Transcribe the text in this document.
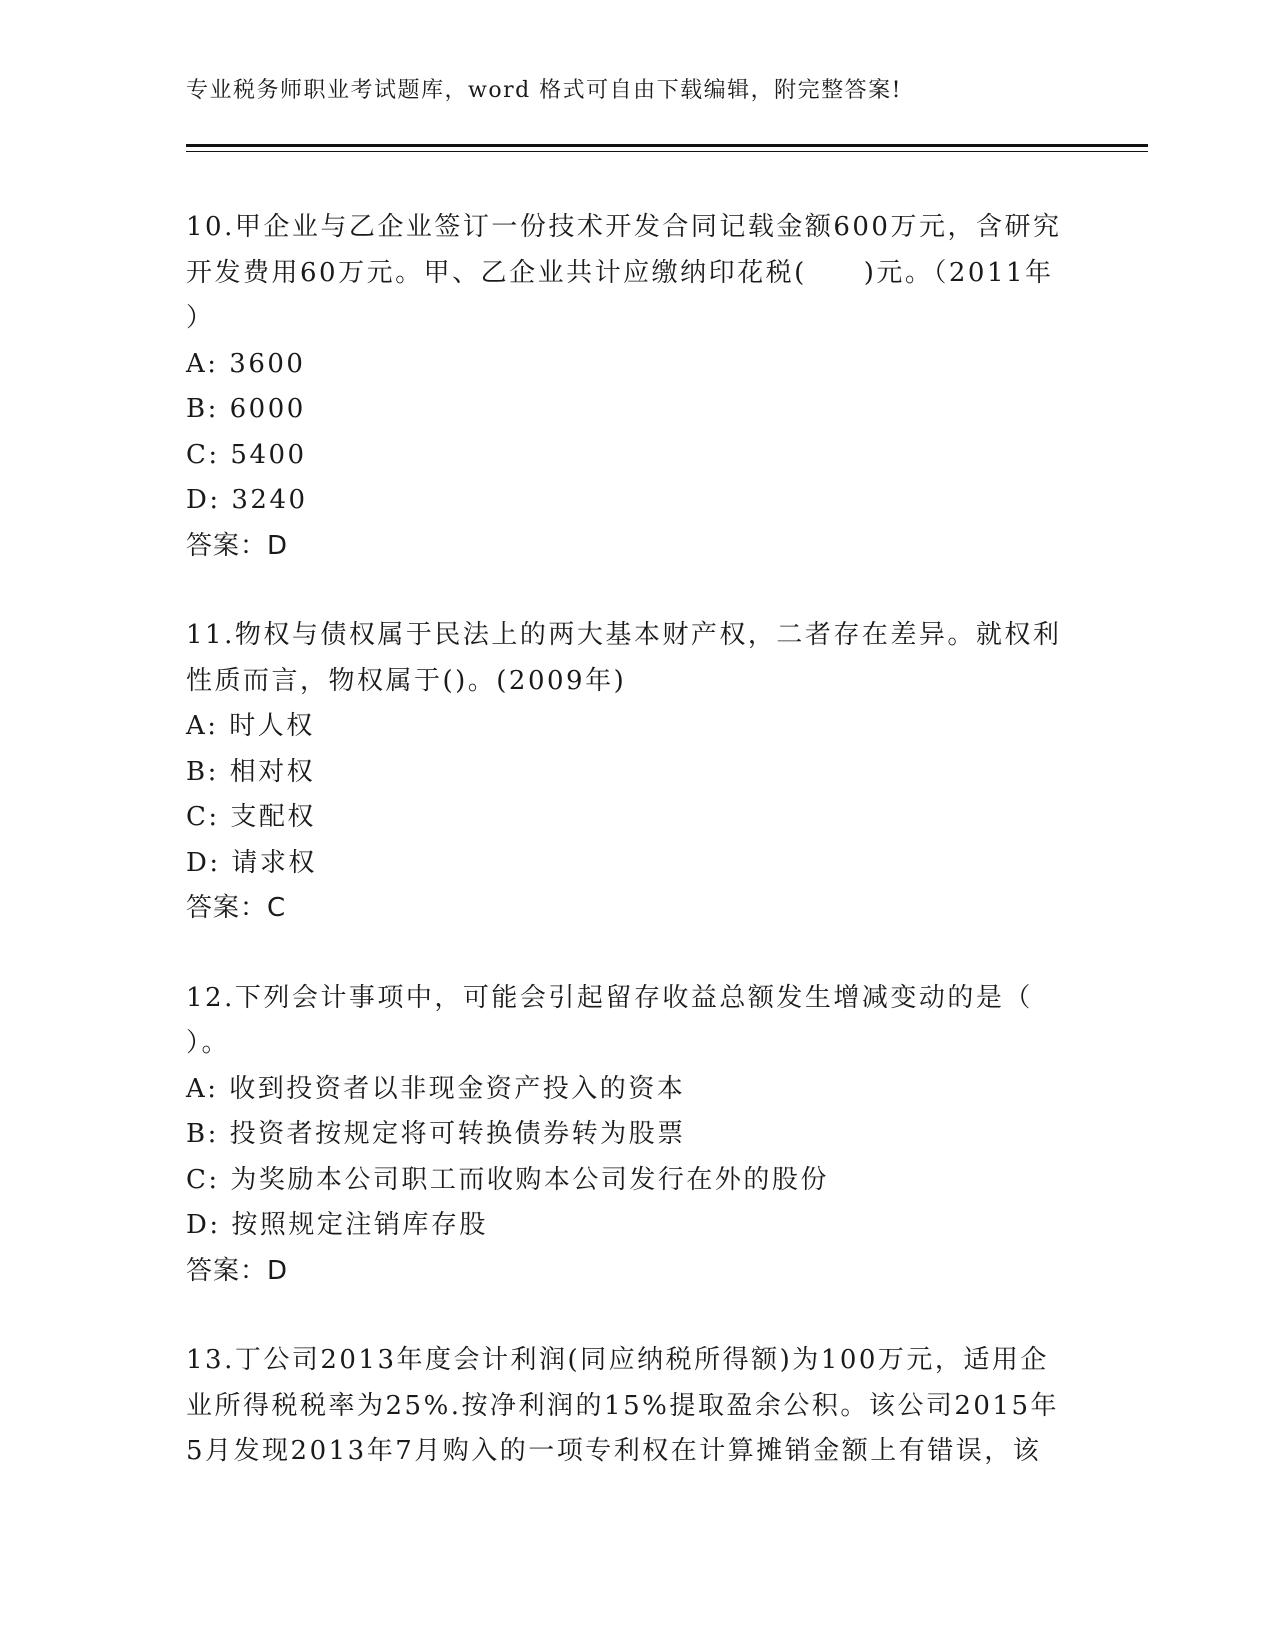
专业税务师职业考试题库，word 格式可自由下载编辑，附完整答案!
10.甲企业与乙企业签订一份技术开发合同记载金额600万元，含研究
开发费用60万元。甲、乙企业共计应缴纳印花税(　　)元。（2011年
）
A: 3600
B: 6000
C: 5400
D: 3240
答案：D
11.物权与债权属于民法上的两大基本财产权，二者存在差异。就权利
性质而言，物权属于()。(2009年)
A: 时人权
B: 相对权
C: 支配权
D: 请求权
答案：C
12.下列会计事项中，可能会引起留存收益总额发生增减变动的是（
）。
A: 收到投资者以非现金资产投入的资本
B: 投资者按规定将可转换债券转为股票
C: 为奖励本公司职工而收购本公司发行在外的股份
D: 按照规定注销库存股
答案：D
13.丁公司2013年度会计利润(同应纳税所得额)为100万元，适用企
业所得税税率为25%.按净利润的15%提取盈余公积。该公司2015年
5月发现2013年7月购入的一项专利权在计算摊销金额上有错误，该
